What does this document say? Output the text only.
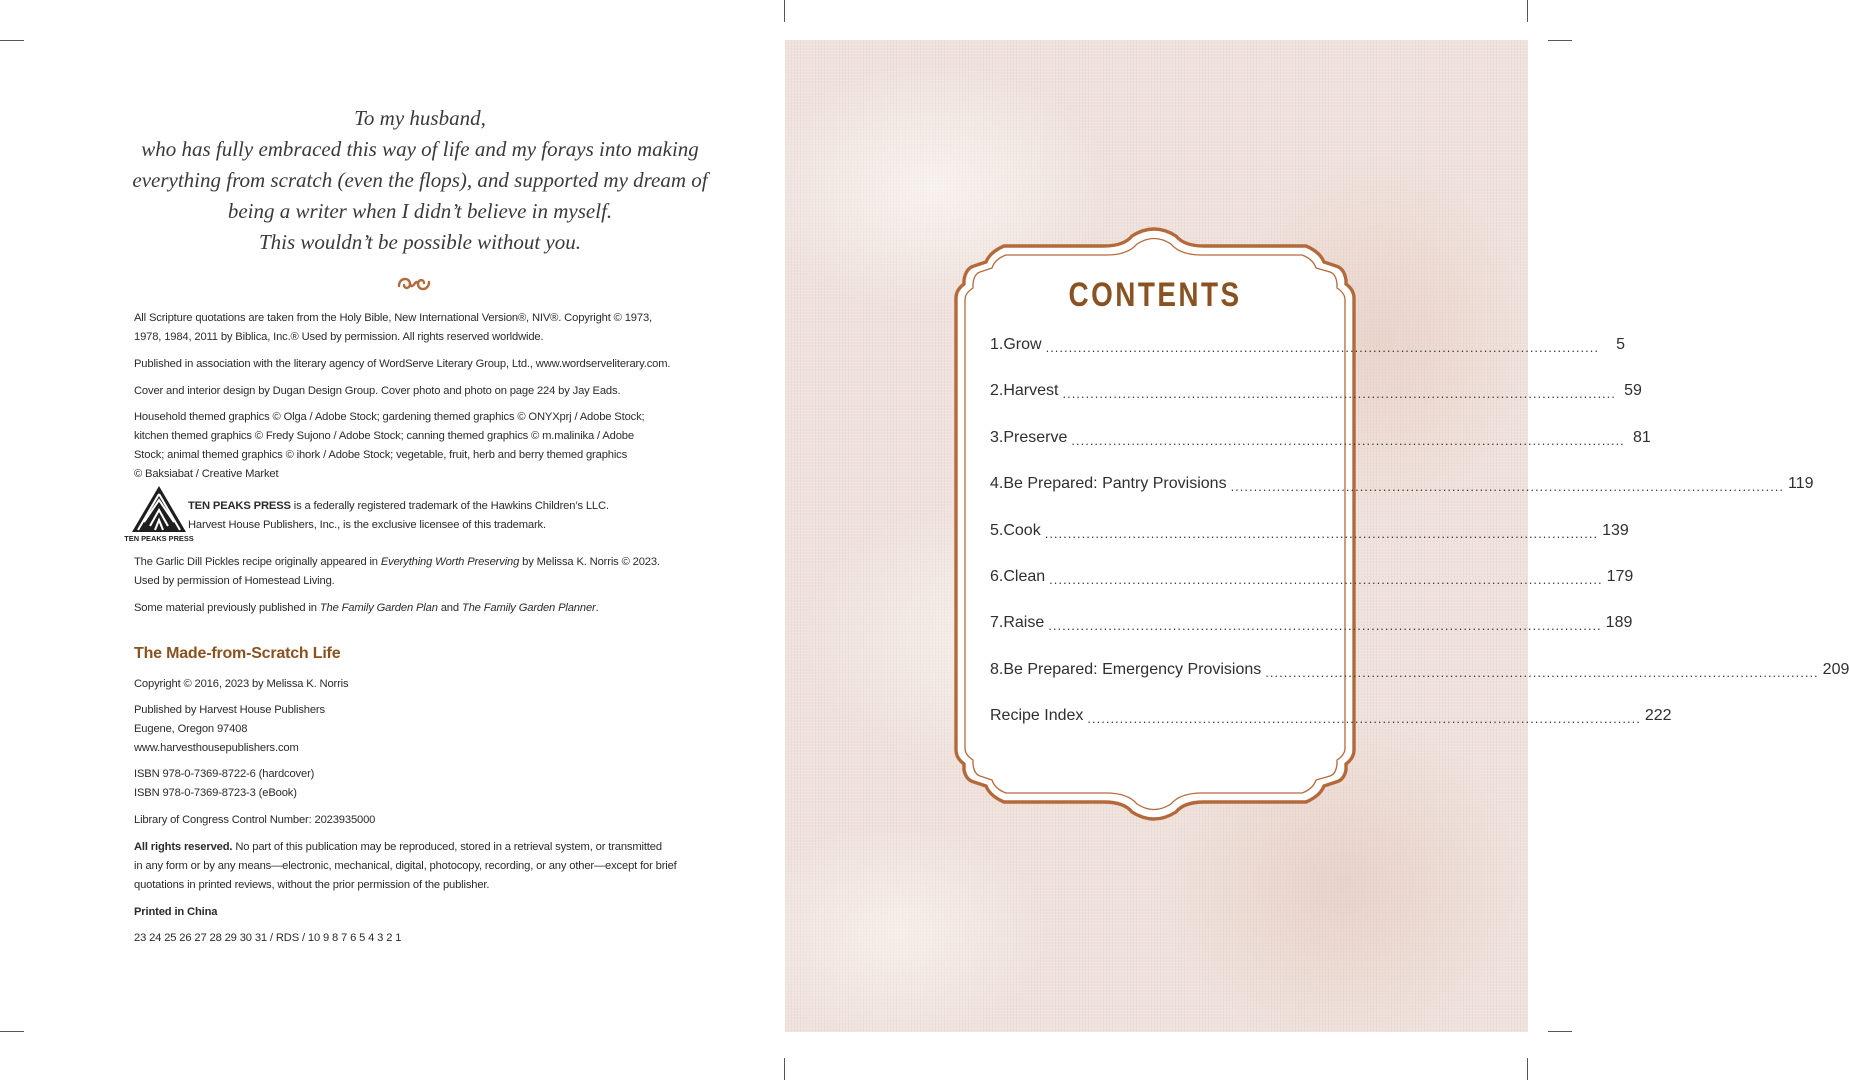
To my husband,
who has fully embraced this way of life and my forays into making
everything from scratch (even the flops), and supported my dream of
being a writer when I didn’t believe in myself.
This wouldn’t be possible without you.
All Scripture quotations are taken from the Holy Bible, New International Version®, NIV®. Copyright © 1973,
1978, 1984, 2011 by Biblica, Inc.® Used by permission. All rights reserved worldwide.
Published in association with the literary agency of WordServe Literary Group, Ltd., www.wordserveliterary.com.
Cover and interior design by Dugan Design Group. Cover photo and photo on page 224 by Jay Eads.
Household themed graphics © Olga / Adobe Stock; gardening themed graphics © ONYXprj / Adobe Stock;
kitchen themed graphics © Fredy Sujono / Adobe Stock; canning themed graphics © m.malinika / Adobe
Stock; animal themed graphics © ihork / Adobe Stock; vegetable, fruit, herb and berry themed graphics
© Baksiabat / Creative Market
TEN PEAKS PRESS
TEN PEAKS PRESS is a federally registered trademark of the Hawkins Children’s LLC.
Harvest House Publishers, Inc., is the exclusive licensee of this trademark.
The Garlic Dill Pickles recipe originally appeared in Everything Worth Preserving by Melissa K. Norris © 2023.
Used by permission of Homestead Living.
Some material previously published in The Family Garden Plan and The Family Garden Planner.
The Made-from-Scratch Life
Copyright © 2016, 2023 by Melissa K. Norris
Published by Harvest House Publishers
Eugene, Oregon 97408
www.harvesthousepublishers.com
ISBN 978-0-7369-8722-6 (hardcover)
ISBN 978-0-7369-8723-3 (eBook)
Library of Congress Control Number: 2023935000
All rights reserved. No part of this publication may be reproduced, stored in a retrieval system, or transmitted
in any form or by any means—electronic, mechanical, digital, photocopy, recording, or any other—except for brief
quotations in printed reviews, without the prior permission of the publisher.
Printed in China
23 24 25 26 27 28 29 30 31 / RDS / 10 9 8 7 6 5 4 3 2 1
CONTENTS
1. Grow ........................................................................................................................	5
2. Harvest ........................................................................................................................ 59
3. Preserve ........................................................................................................................ 81
4. Be Prepared: Pantry Provisions ........................................................................................................................ 119
5. Cook ........................................................................................................................ 139
6. Clean ........................................................................................................................ 179
7. Raise ........................................................................................................................ 189
8. Be Prepared: Emergency Provisions ........................................................................................................................ 209
Recipe Index ........................................................................................................................ 222
